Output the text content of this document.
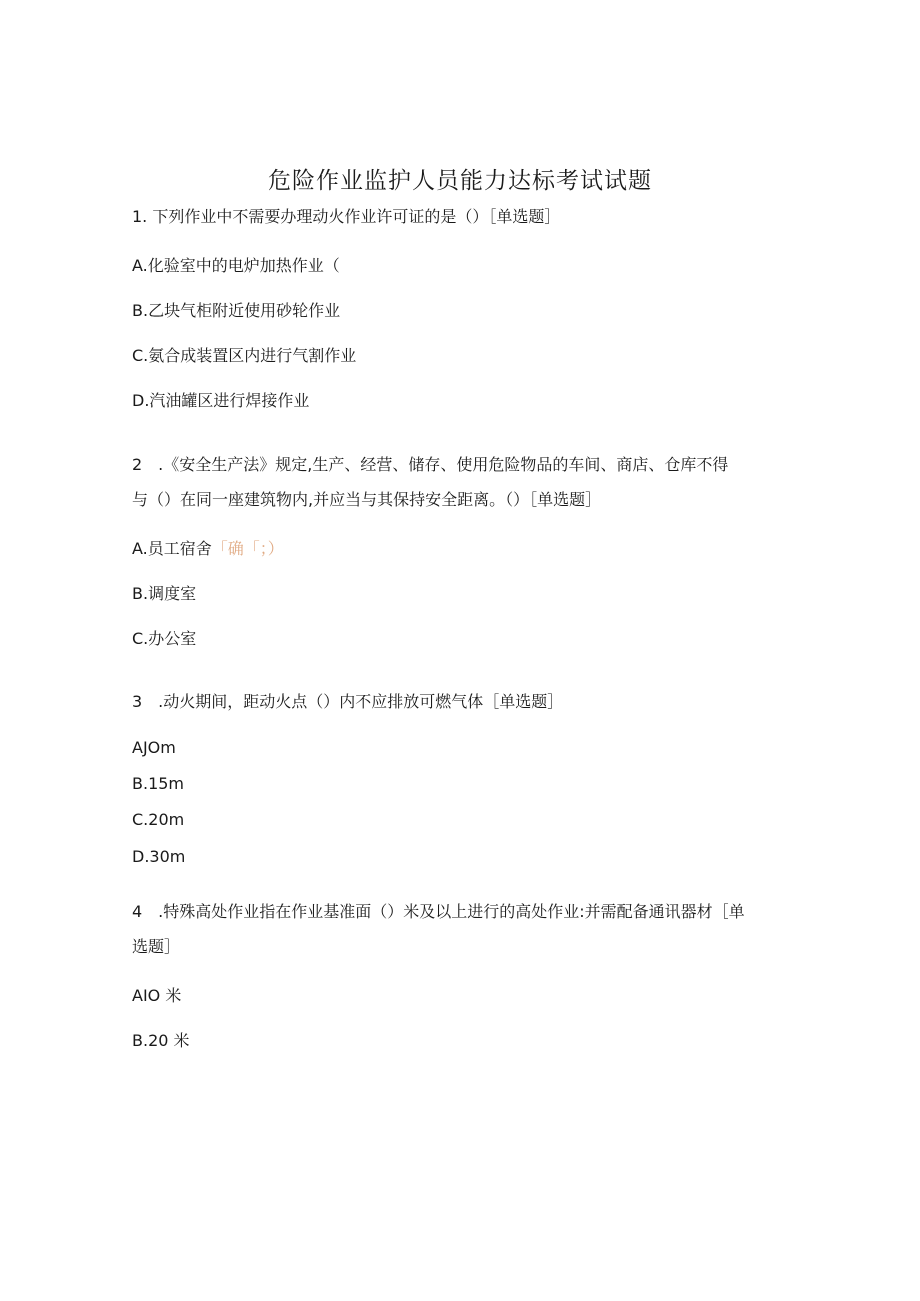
危险作业监护人员能力达标考试试题
1. 下列作业中不需要办理动火作业许可证的是（）［单选题］
A.化验室中的电炉加热作业（
B.乙块气柜附近使用砂轮作业
C.氨合成装置区内进行气割作业
D.汽油罐区进行焊接作业
2　.《安全生产法》规定,生产、经营、储存、使用危险物品的车间、商店、仓库不得
与（）在同一座建筑物内,并应当与其保持安全距离。（）［单选题］
A.员工宿舍「确「；）
B.调度室
C.办公室
3　.动火期间，距动火点（）内不应排放可燃气体［单选题］
AJOm
B.15m
C.20m
D.30m
4　.特殊高处作业指在作业基准面（）米及以上进行的高处作业:并需配备通讯器材［单
选题］
AIO 米
B.20 米
